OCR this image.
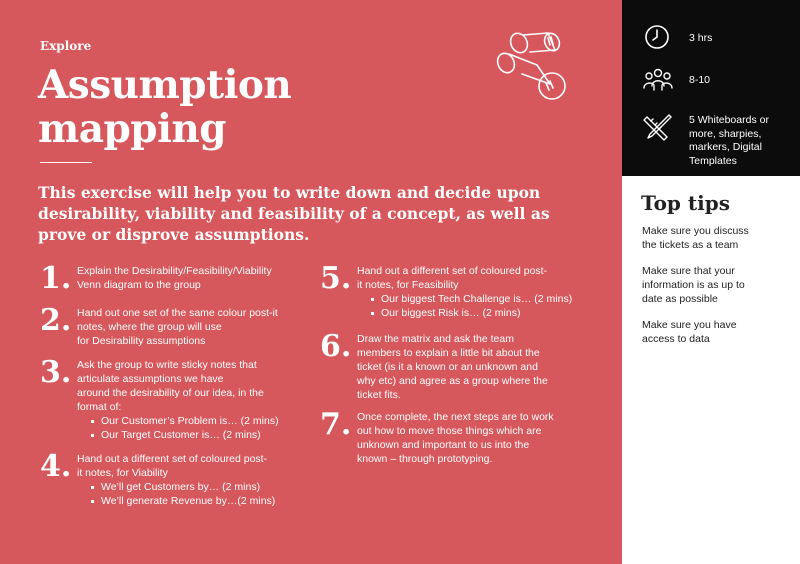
Explore
Assumption
mapping

This exercise will help you to write down and decide upon desirability, viability and feasibility of a concept, as well as prove or disprove assumptions.

1. Explain the Desirability/Feasibility/Viability
Venn diagram to the group
2. Hand out one set of the same colour post-it
notes, where the group will use
for Desirability assumptions
3. Ask the group to write sticky notes that
articulate assumptions we have
around the desirability of our idea, in the
format of:
Our Customer’s Problem is… (2 mins)
Our Target Customer is… (2 mins)
4. Hand out a different set of coloured post-
it notes, for Viability
We’ll get Customers by… (2 mins)
We’ll generate Revenue by…(2 mins)
5. Hand out a different set of coloured post-
it notes, for Feasibility
Our biggest Tech Challenge is… (2 mins)
Our biggest Risk is… (2 mins)
6. Draw the matrix and ask the team
members to explain a little bit about the
ticket (is it a known or an unknown and
why etc) and agree as a group where the
ticket fits.
7. Once complete, the next steps are to work
out how to move those things which are
unknown and important to us into the
known – through prototyping.
3 hrs
8-10
5 Whiteboards or
more, sharpies,
markers, Digital
Templates
Top tips
Make sure you discuss
the tickets as a team
Make sure that your
information is as up to
date as possible
Make sure you have
access to data
